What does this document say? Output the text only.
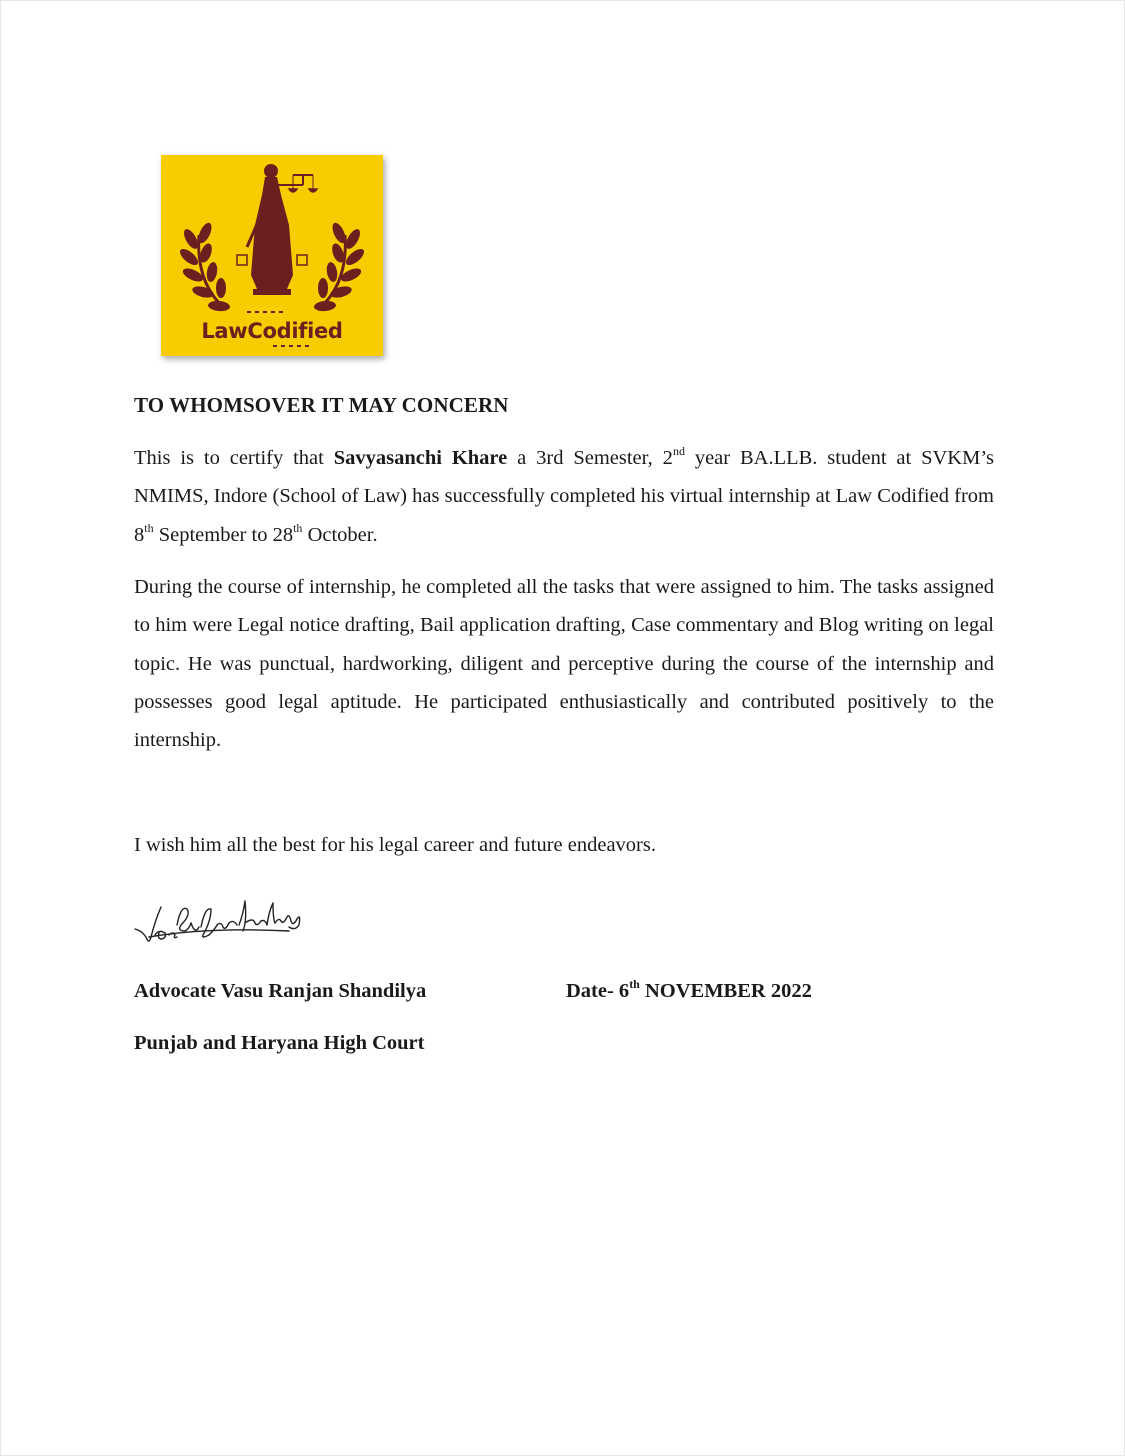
LawCodified
TO WHOMSOVER IT MAY CONCERN

This is to certify that Savyasanchi Khare a 3rd Semester, 2nd year BA.LLB. student at SVKM’s NMIMS, Indore (School of Law) has successfully completed his virtual internship at Law Codified from 8th September to 28th October.

During the course of internship, he completed all the tasks that were assigned to him. The tasks assigned to him were Legal notice drafting, Bail application drafting, Case commentary and Blog writing on legal topic. He was punctual, hardworking, diligent and perceptive during the course of the internship and possesses good legal aptitude. He participated enthusiastically and contributed positively to the internship.

I wish him all the best for his legal career and future endeavors.

Advocate Vasu Ranjan Shandilya	Date- 6th NOVEMBER 2022
Punjab and Haryana High Court
